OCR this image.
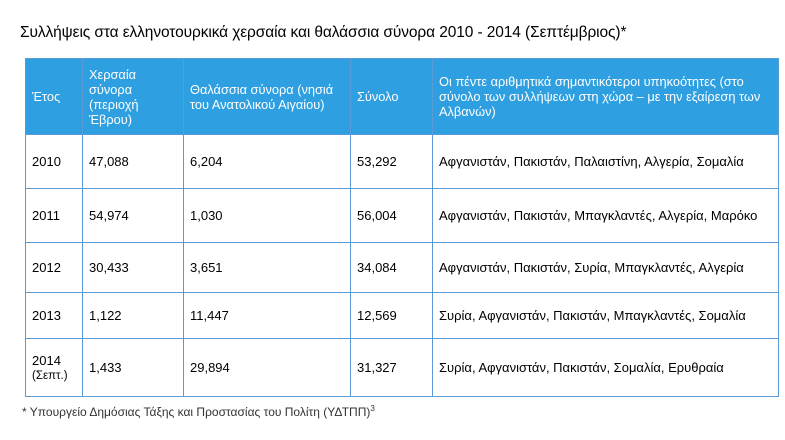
Συλλήψεις στα ελληνοτουρκικά χερσαία και θαλάσσια σύνορα 2010 - 2014 (Σεπτέμβριος)*
Έτος	Χερσαία σύνορα (περιοχή Έβρου)	Θαλάσσια σύνορα (νησιά του Ανατολικού Αιγαίου)	Σύνολο	Οι πέντε αριθμητικά σημαντικότεροι υπηκοότητες (στο σύνολο των συλλήψεων στη χώρα – με την εξαίρεση των Αλβανών)

2010	47,088	6,204	53,292	Αφγανιστάν, Πακιστάν, Παλαιστίνη, Αλγερία, Σομαλία

2011	54,974	1,030	56,004	Αφγανιστάν, Πακιστάν, Μπαγκλαντές, Αλγερία, Μαρόκο

2012	30,433	3,651	34,084	Αφγανιστάν, Πακιστάν, Συρία, Μπαγκλαντές, Αλγερία

2013	1,122	11,447	12,569	Συρία, Αφγανιστάν, Πακιστάν, Μπαγκλαντές, Σομαλία

2014
(Σεπτ.)	1,433	29,894	31,327	Συρία, Αφγανιστάν, Πακιστάν, Σομαλία, Ερυθραία
* Υπουργείο Δημόσιας Τάξης και Προστασίας του Πολίτη $(\Upsilon\Delta T\Pi\Pi)^3$
